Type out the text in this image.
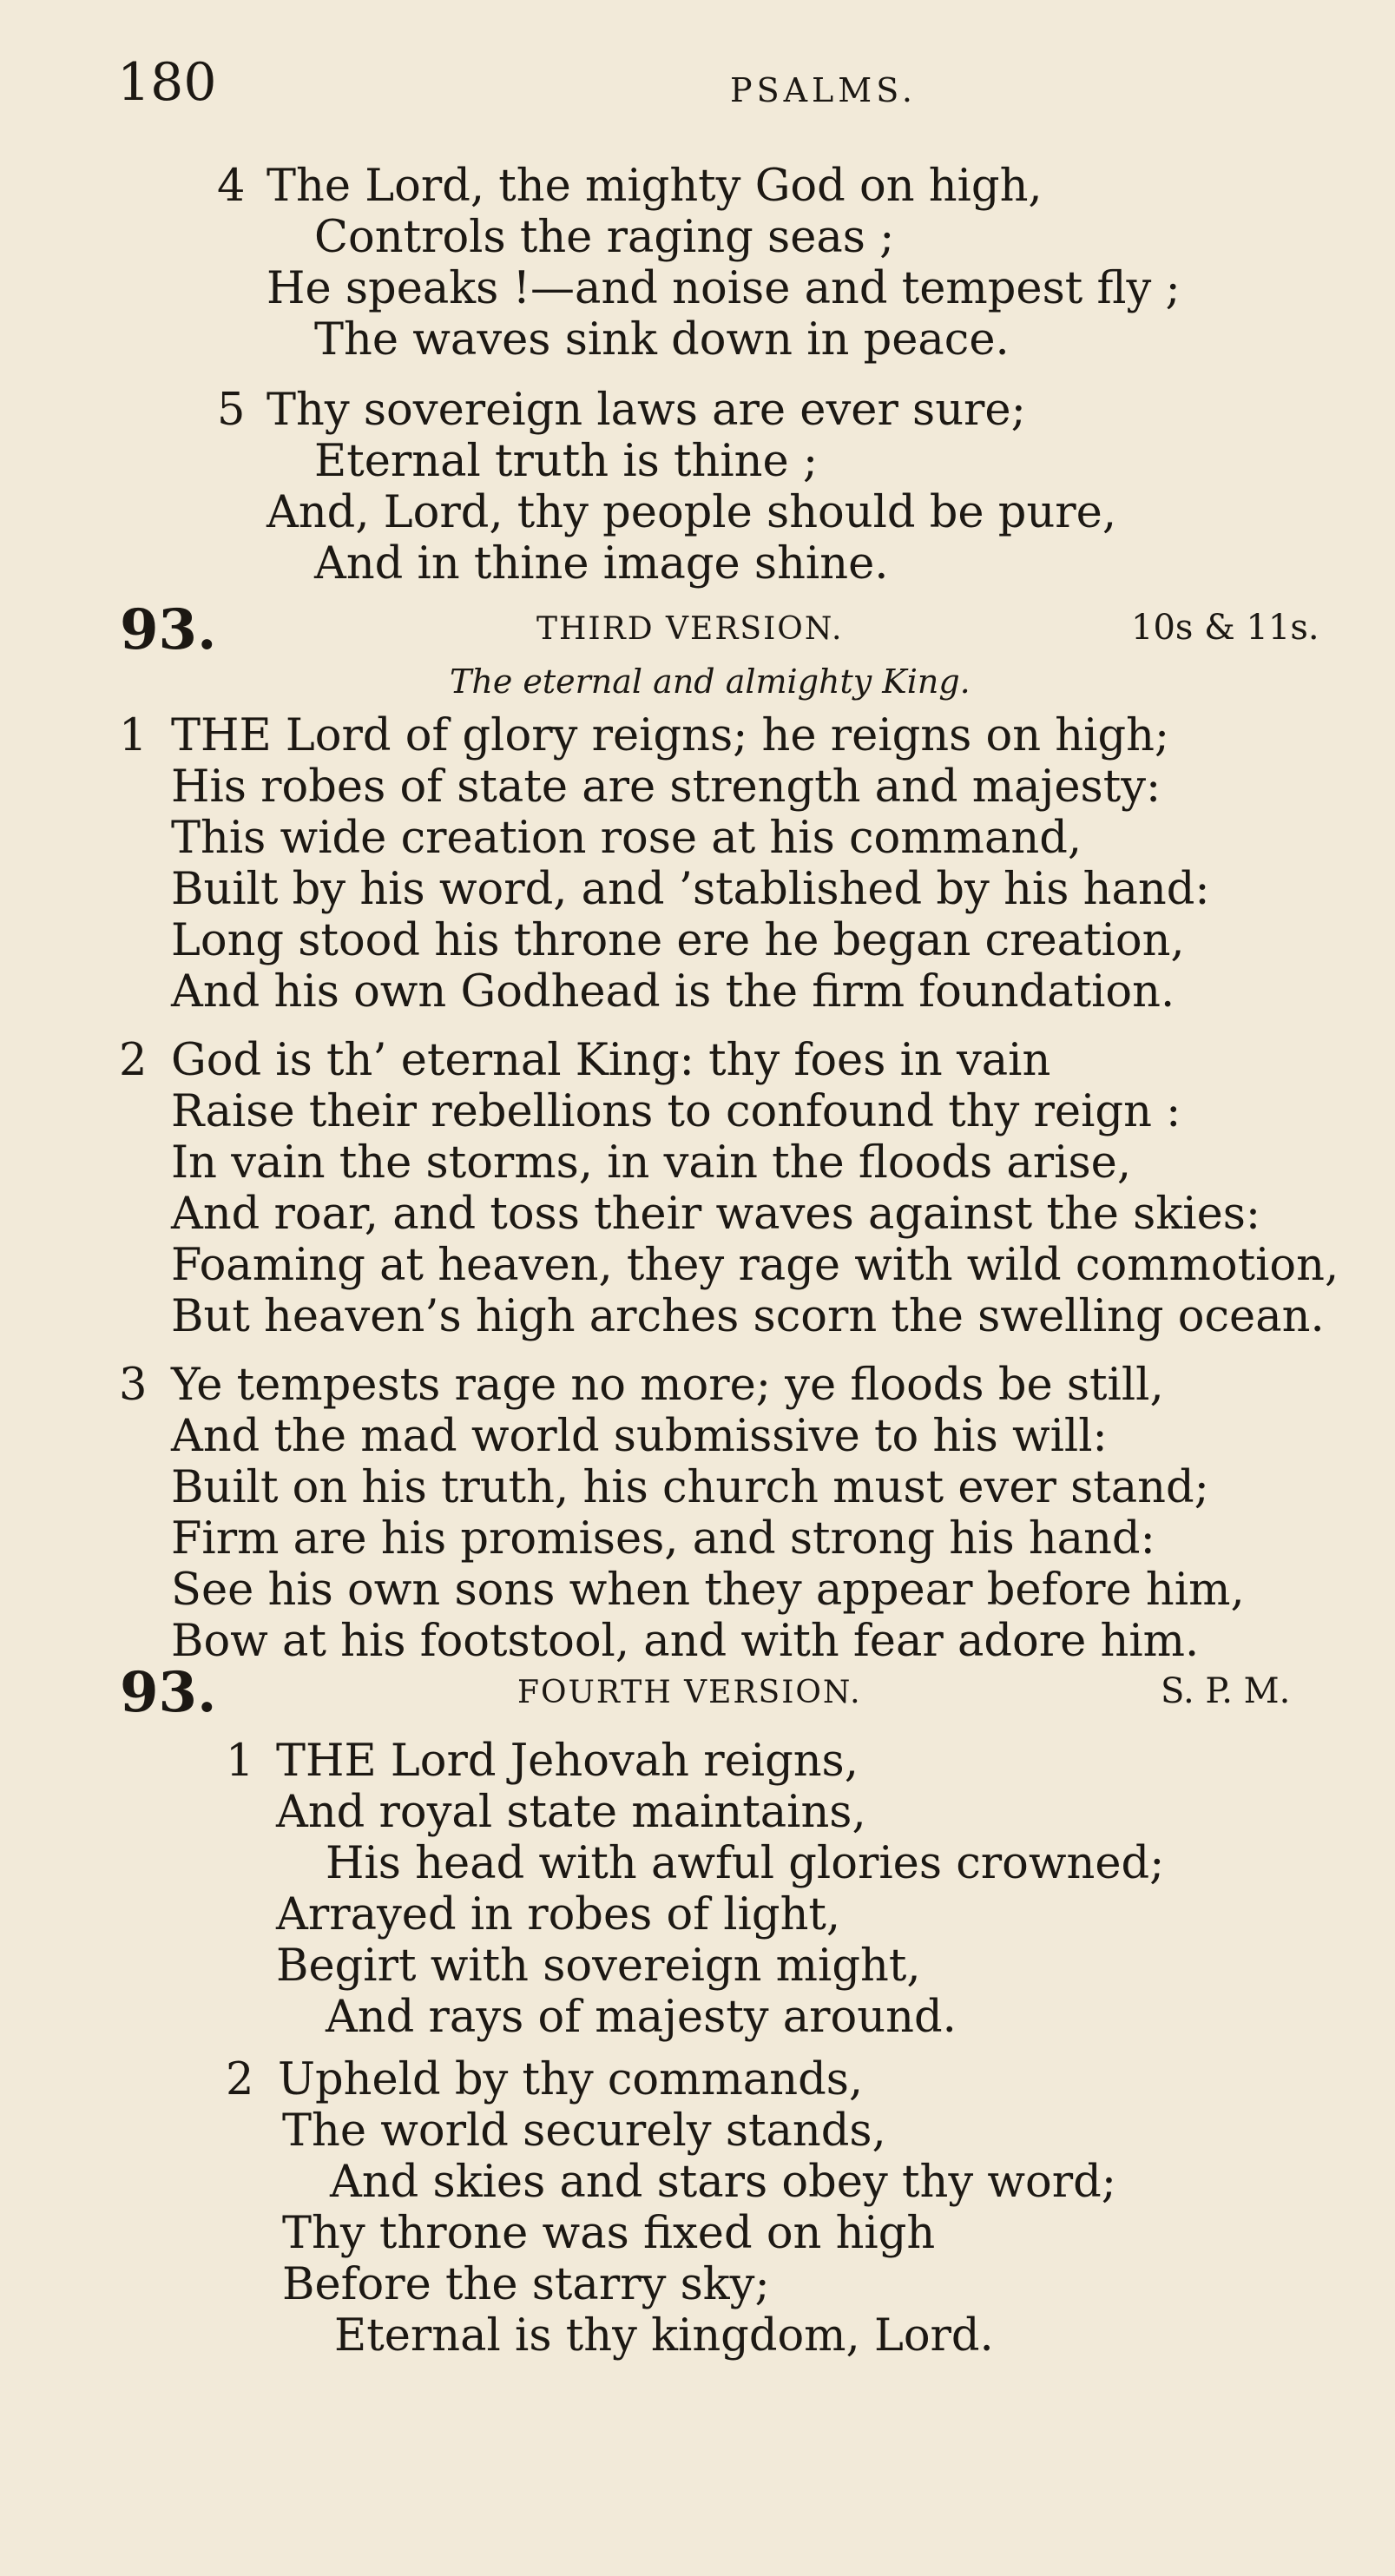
180	PSALMS.
4 The Lord, the mighty God on high,
Controls the raging seas ;
He speaks !—and noise and tempest fly ;
The waves sink down in peace.
5 Thy sovereign laws are ever sure;
Eternal truth is thine ;
And, Lord, thy people should be pure,
And in thine image shine.
93.	THIRD VERSION.	10s & 11s.
The eternal and almighty King.
1 THE Lord of glory reigns; he reigns on high;
His robes of state are strength and majesty:
This wide creation rose at his command,
Built by his word, and ’stablished by his hand:
Long stood his throne ere he began creation,
And his own Godhead is the firm foundation.
2 God is th’ eternal King: thy foes in vain
Raise their rebellions to confound thy reign :
In vain the storms, in vain the floods arise,
And roar, and toss their waves against the skies:
Foaming at heaven, they rage with wild commotion,
But heaven’s high arches scorn the swelling ocean.
3 Ye tempests rage no more; ye floods be still,
And the mad world submissive to his will:
Built on his truth, his church must ever stand;
Firm are his promises, and strong his hand:
See his own sons when they appear before him,
Bow at his footstool, and with fear adore him.
93.	FOURTH VERSION.	S. P. M.
1 THE Lord Jehovah reigns,
And royal state maintains,
His head with awful glories crowned;
Arrayed in robes of light,
Begirt with sovereign might,
And rays of majesty around.
2 Upheld by thy commands,
The world securely stands,
And skies and stars obey thy word;
Thy throne was fixed on high
Before the starry sky;
Eternal is thy kingdom, Lord.
